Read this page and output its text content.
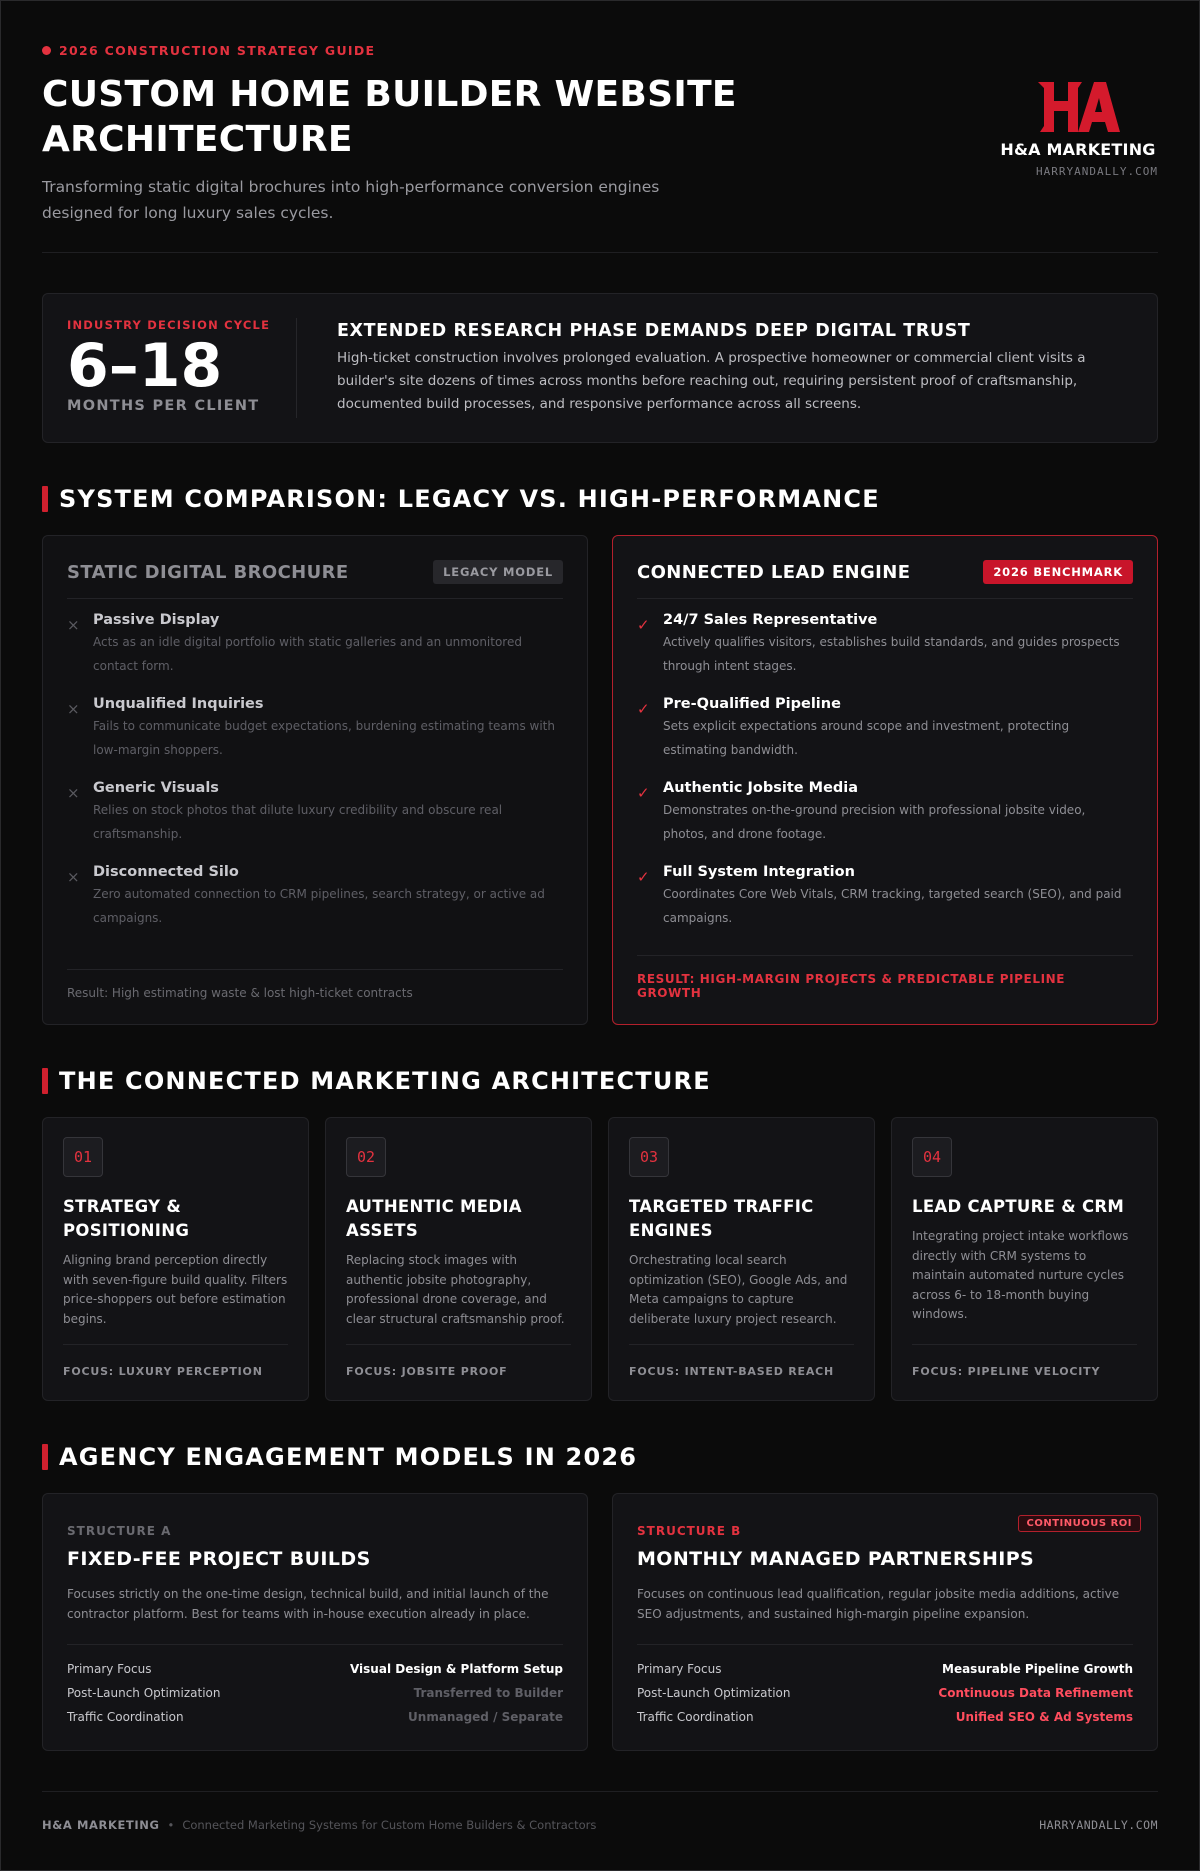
2026 CONSTRUCTION STRATEGY GUIDE
CUSTOM HOME BUILDER WEBSITE ARCHITECTURE

Transforming static digital brochures into high-performance conversion engines designed for long luxury sales cycles.

H&A MARKETING
HARRYANDALLY.COM
INDUSTRY DECISION CYCLE
6–18
MONTHS PER CLIENT
EXTENDED RESEARCH PHASE DEMANDS DEEP DIGITAL TRUST

High-ticket construction involves prolonged evaluation. A prospective homeowner or commercial client visits a builder's site dozens of times across months before reaching out, requiring persistent proof of craftsmanship, documented build processes, and responsive performance across all screens.

SYSTEM COMPARISON: LEGACY VS. HIGH-PERFORMANCE
STATIC DIGITAL BROCHURE	LEGACY MODEL
× Passive Display
Acts as an idle digital portfolio with static galleries and an unmonitored contact form.
× Unqualified Inquiries
Fails to communicate budget expectations, burdening estimating teams with low-margin shoppers.
× Generic Visuals
Relies on stock photos that dilute luxury credibility and obscure real craftsmanship.
× Disconnected Silo
Zero automated connection to CRM pipelines, search strategy, or active ad campaigns.
Result: High estimating waste & lost high-ticket contracts
CONNECTED LEAD ENGINE	2026 BENCHMARK
✓ 24/7 Sales Representative
Actively qualifies visitors, establishes build standards, and guides prospects through intent stages.
✓ Pre-Qualified Pipeline
Sets explicit expectations around scope and investment, protecting estimating bandwidth.
✓ Authentic Jobsite Media
Demonstrates on-the-ground precision with professional jobsite video, photos, and drone footage.
✓ Full System Integration
Coordinates Core Web Vitals, CRM tracking, targeted search (SEO), and paid campaigns.
RESULT: HIGH-MARGIN PROJECTS & PREDICTABLE PIPELINE GROWTH
THE CONNECTED MARKETING ARCHITECTURE
01
STRATEGY & POSITIONING

Aligning brand perception directly with seven-figure build quality. Filters price-shoppers out before estimation begins.

FOCUS: LUXURY PERCEPTION
02
AUTHENTIC MEDIA ASSETS

Replacing stock images with authentic jobsite photography, professional drone coverage, and clear structural craftsmanship proof.

FOCUS: JOBSITE PROOF
03
TARGETED TRAFFIC ENGINES

Orchestrating local search optimization (SEO), Google Ads, and Meta campaigns to capture deliberate luxury project research.

FOCUS: INTENT-BASED REACH
04
LEAD CAPTURE & CRM

Integrating project intake workflows directly with CRM systems to maintain automated nurture cycles across 6- to 18-month buying windows.

FOCUS: PIPELINE VELOCITY
AGENCY ENGAGEMENT MODELS IN 2026
STRUCTURE A
FIXED-FEE PROJECT BUILDS

Focuses strictly on the one-time design, technical build, and initial launch of the contractor platform. Best for teams with in-house execution already in place.

Primary Focus	Visual Design & Platform Setup
Post-Launch Optimization	Transferred to Builder
Traffic Coordination	Unmanaged / Separate
CONTINUOUS ROI
STRUCTURE B
MONTHLY MANAGED PARTNERSHIPS

Focuses on continuous lead qualification, regular jobsite media additions, active SEO adjustments, and sustained high-margin pipeline expansion.

Primary Focus	Measurable Pipeline Growth
Post-Launch Optimization	Continuous Data Refinement
Traffic Coordination	Unified SEO & Ad Systems
H&A MARKETING • Connected Marketing Systems for Custom Home Builders & Contractors	HARRYANDALLY.COM
